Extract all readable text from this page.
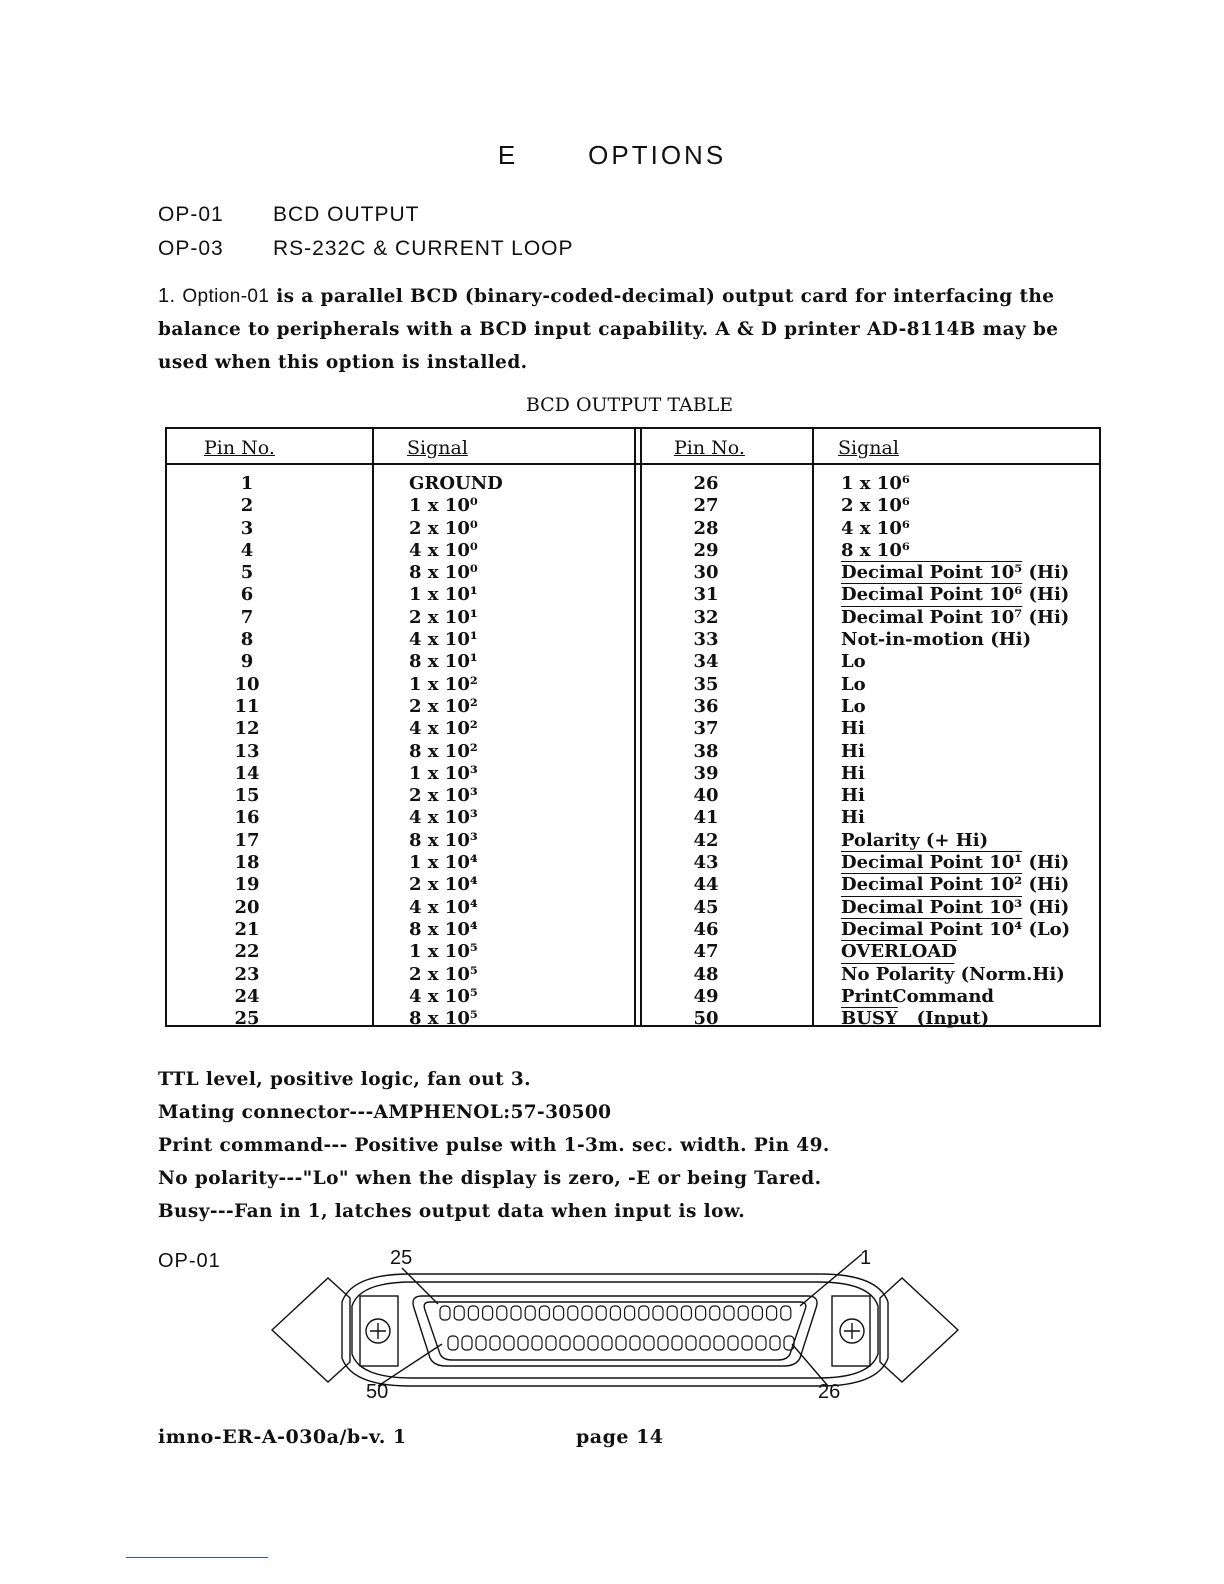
E	OPTIONS
OP-01 BCD OUTPUT
OP-03 RS-232C & CURRENT LOOP
1. Option-01 is a parallel BCD (binary-coded-decimal) output card for interfacing the balance to peripherals with a BCD input capability. A & D printer AD-8114B may be used when this option is installed.
BCD OUTPUT TABLE
Pin No.	Signal	Pin No.	Signal
1	GROUND	26	1 x 10⁶
2	1 x 10⁰	27	2 x 10⁶
3	2 x 10⁰	28	4 x 10⁶
4	4 x 10⁰	29	8 x 10⁶
5	8 x 10⁰	30	Decimal Point 10⁵ (Hi)
6	1 x 10¹	31	Decimal Point 10⁶ (Hi)
7	2 x 10¹	32	Decimal Point 10⁷ (Hi)
8	4 x 10¹	33	Not-in-motion (Hi)
9	8 x 10¹	34	Lo
10	1 x 10²	35	Lo
11	2 x 10²	36	Lo
12	4 x 10²	37	Hi
13	8 x 10²	38	Hi
14	1 x 10³	39	Hi
15	2 x 10³	40	Hi
16	4 x 10³	41	Hi
17	8 x 10³	42	Polarity (+ Hi)
18	1 x 10⁴	43	Decimal Point 10¹ (Hi)
19	2 x 10⁴	44	Decimal Point 10² (Hi)
20	4 x 10⁴	45	Decimal Point 10³ (Hi)
21	8 x 10⁴	46	Decimal Point 10⁴ (Lo)
22	1 x 10⁵	47	OVERLOAD
23	2 x 10⁵	48	No Polarity (Norm.Hi)
24	4 x 10⁵	49	PrintCommand
25	8 x 10⁵	50	BUSY   (Input)
TTL level, positive logic, fan out 3.
Mating connector---AMPHENOL:57-30500
Print command--- Positive pulse with 1-3m. sec. width. Pin 49.
No polarity---"Lo" when the display is zero, -E or being Tared.
Busy---Fan in 1, latches output data when input is low.
OP-01	25	1
50	26
imno-ER-A-030a/b-v. 1	page 14
